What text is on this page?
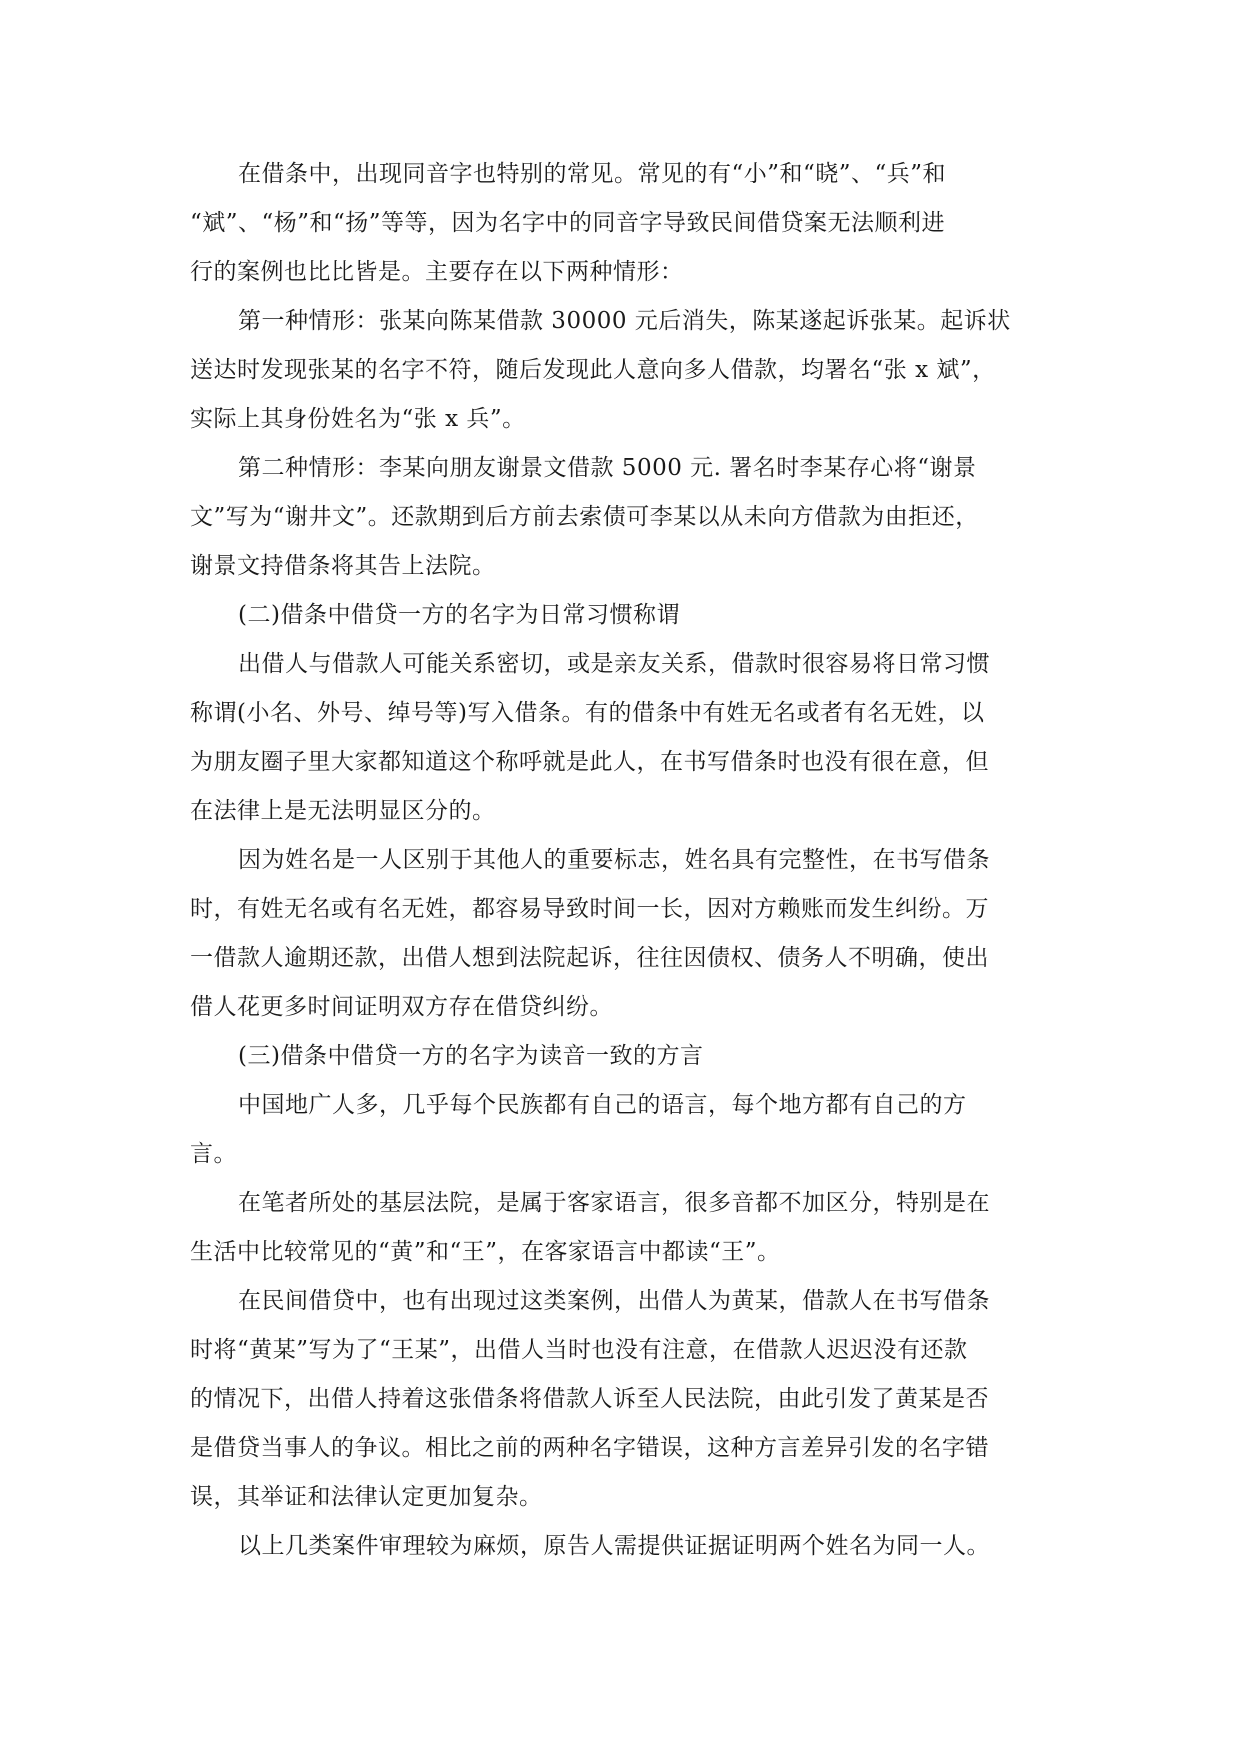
在借条中，出现同音字也特别的常见。常见的有“小”和“晓”、“兵”和
“斌”、“杨”和“扬”等等，因为名字中的同音字导致民间借贷案无法顺利进
行的案例也比比皆是。主要存在以下两种情形：

第一种情形：张某向陈某借款 30000 元后消失，陈某遂起诉张某。起诉状
送达时发现张某的名字不符，随后发现此人意向多人借款，均署名“张 x 斌”，
实际上其身份姓名为“张 x 兵”。

第二种情形：李某向朋友谢景文借款 5000 元. 署名时李某存心将“谢景
文”写为“谢井文”。还款期到后方前去索债可李某以从未向方借款为由拒还，
谢景文持借条将其告上法院。

(二)借条中借贷一方的名字为日常习惯称谓

出借人与借款人可能关系密切，或是亲友关系，借款时很容易将日常习惯
称谓(小名、外号、绰号等)写入借条。有的借条中有姓无名或者有名无姓，以
为朋友圈子里大家都知道这个称呼就是此人，在书写借条时也没有很在意，但
在法律上是无法明显区分的。

因为姓名是一人区别于其他人的重要标志，姓名具有完整性，在书写借条
时，有姓无名或有名无姓，都容易导致时间一长，因对方赖账而发生纠纷。万
一借款人逾期还款，出借人想到法院起诉，往往因债权、债务人不明确，使出
借人花更多时间证明双方存在借贷纠纷。

(三)借条中借贷一方的名字为读音一致的方言

中国地广人多，几乎每个民族都有自己的语言，每个地方都有自己的方
言。

在笔者所处的基层法院，是属于客家语言，很多音都不加区分，特别是在
生活中比较常见的“黄”和“王”，在客家语言中都读“王”。

在民间借贷中，也有出现过这类案例，出借人为黄某，借款人在书写借条
时将“黄某”写为了“王某”，出借人当时也没有注意，在借款人迟迟没有还款
的情况下，出借人持着这张借条将借款人诉至人民法院，由此引发了黄某是否
是借贷当事人的争议。相比之前的两种名字错误，这种方言差异引发的名字错
误，其举证和法律认定更加复杂。

以上几类案件审理较为麻烦，原告人需提供证据证明两个姓名为同一人。
